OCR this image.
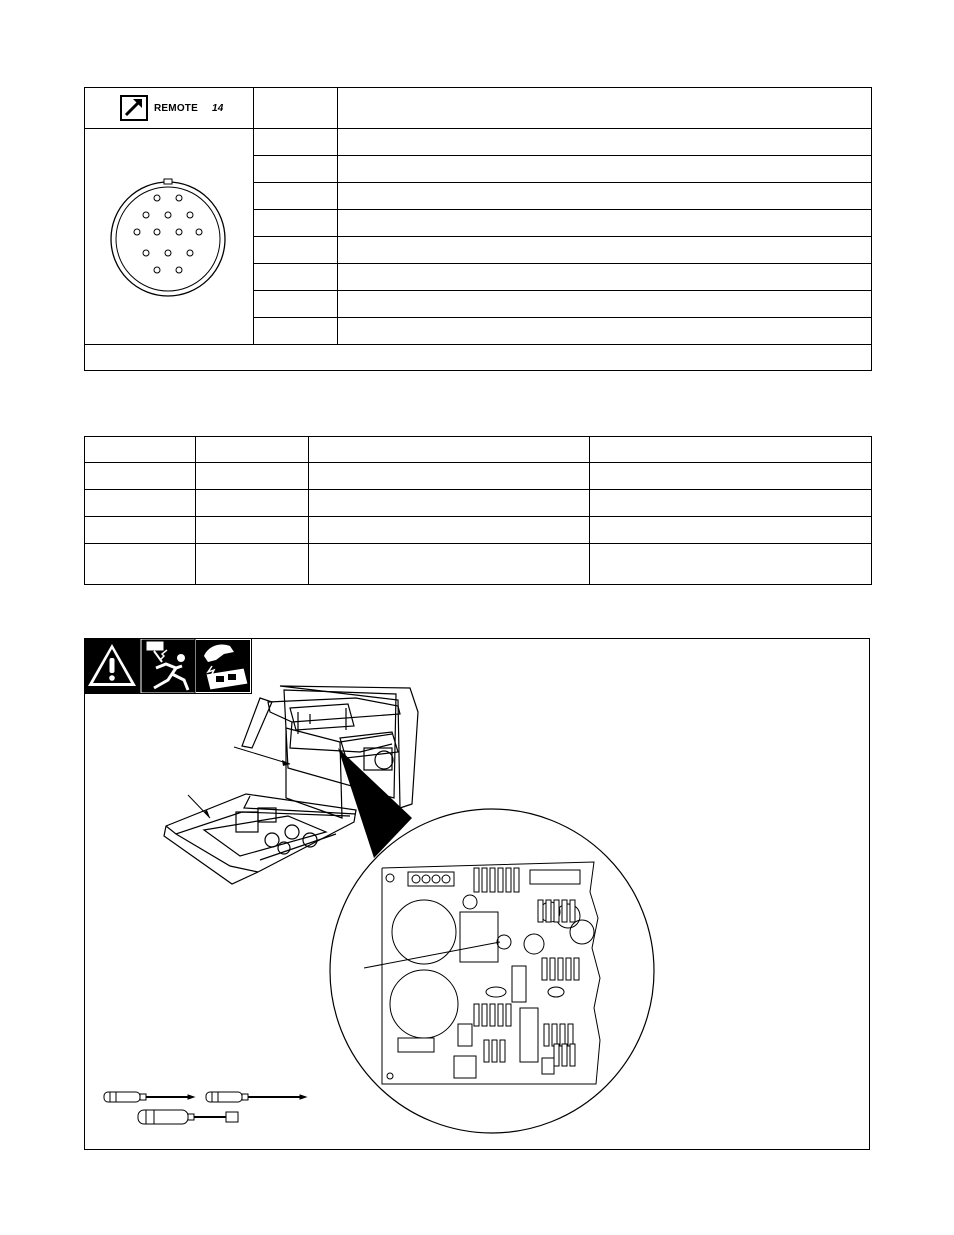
REMOTE 14
